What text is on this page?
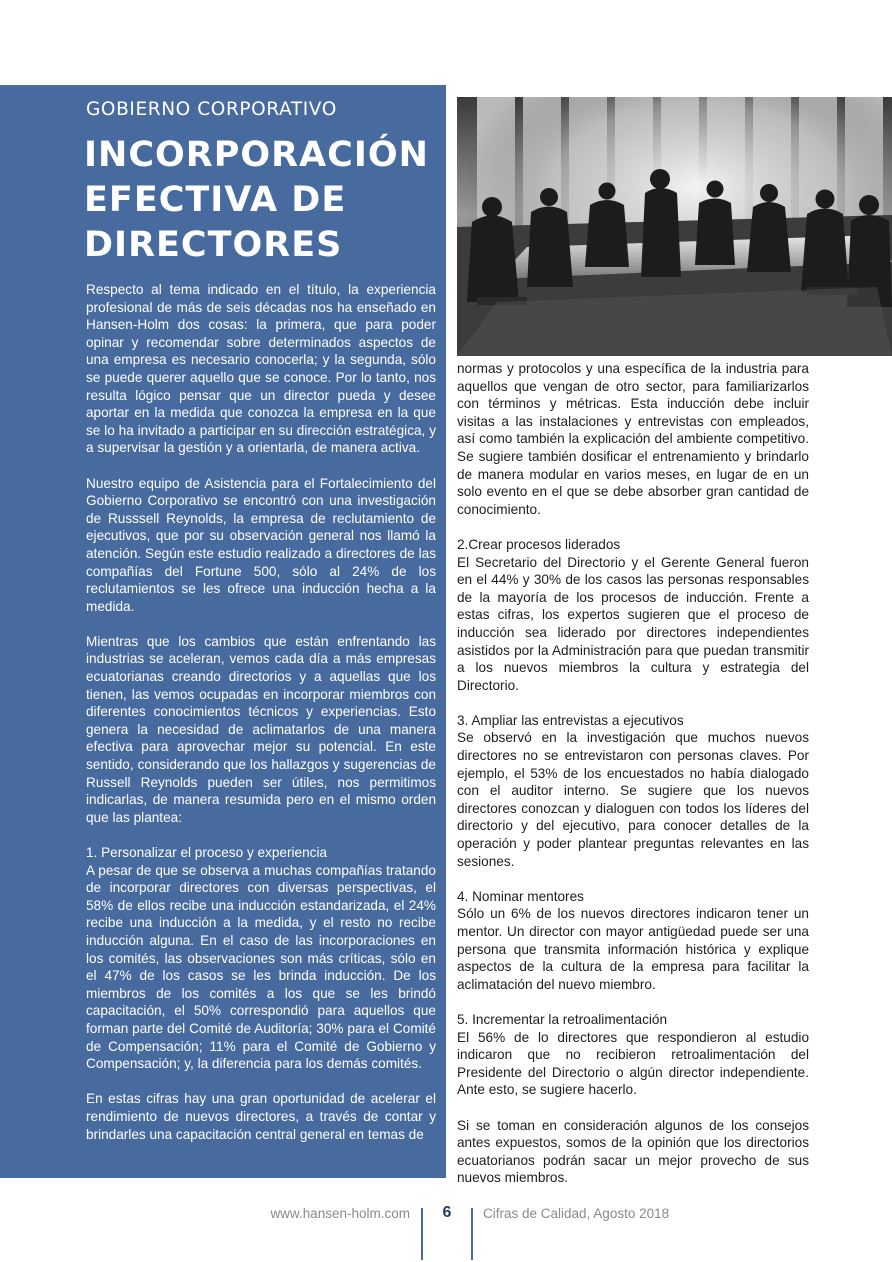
GOBIERNO CORPORATIVO
INCORPORACIÓN
EFECTIVA DE
DIRECTORES

Respecto al tema indicado en el título, la experiencia profesional de más de seis décadas nos ha enseñado en Hansen-Holm dos cosas: la primera, que para poder opinar y recomendar sobre determinados aspectos de una empresa es necesario conocerla; y la segunda, sólo se puede querer aquello que se conoce. Por lo tanto, nos resulta lógico pensar que un director pueda y desee aportar en la medida que conozca la empresa en la que se lo ha invitado a participar en su dirección estratégica, y a supervisar la gestión y a orientarla, de manera activa.

Nuestro equipo de Asistencia para el Fortalecimiento del Gobierno Corporativo se encontró con una investigación de Russsell Reynolds, la empresa de reclutamiento de ejecutivos, que por su observación general nos llamó la atención. Según este estudio realizado a directores de las compañías del Fortune 500, sólo al 24% de los reclutamientos se les ofrece una inducción hecha a la medida.

Mientras que los cambios que están enfrentando las industrias se aceleran, vemos cada día a más empresas ecuatorianas creando directorios y a aquellas que los tienen, las vemos ocupadas en incorporar miembros con diferentes conocimientos técnicos y experiencias. Esto genera la necesidad de aclimatarlos de una manera efectiva para aprovechar mejor su potencial. En este sentido, considerando que los hallazgos y sugerencias de Russell Reynolds pueden ser útiles, nos permitimos indicarlas, de manera resumida pero en el mismo orden que las plantea:

1. Personalizar el proceso y experiencia

A pesar de que se observa a muchas compañías tratando de incorporar directores con diversas perspectivas, el 58% de ellos recibe una inducción estandarizada, el 24% recibe una inducción a la medida, y el resto no recibe inducción alguna. En el caso de las incorporaciones en los comités, las observaciones son más críticas, sólo en el 47% de los casos se les brinda inducción. De los miembros de los comités a los que se les brindó capacitación, el 50% correspondió para aquellos que forman parte del Comité de Auditoría; 30% para el Comité de Compensación; 11% para el Comité de Gobierno y Compensación; y, la diferencia para los demás comités.

En estas cifras hay una gran oportunidad de acelerar el rendimiento de nuevos directores, a través de contar y brindarles una capacitación central general en temas de

normas y protocolos y una específica de la industria para aquellos que vengan de otro sector, para familiarizarlos con términos y métricas. Esta inducción debe incluir visitas a las instalaciones y entrevistas con empleados, así como también la explicación del ambiente competitivo. Se sugiere también dosificar el entrenamiento y brindarlo de manera modular en varios meses, en lugar de en un solo evento en el que se debe absorber gran cantidad de conocimiento.

2.Crear procesos liderados

El Secretario del Directorio y el Gerente General fueron en el 44% y 30% de los casos las personas responsables de la mayoría de los procesos de inducción. Frente a estas cifras, los expertos sugieren que el proceso de inducción sea liderado por directores independientes asistidos por la Administración para que puedan transmitir a los nuevos miembros la cultura y estrategia del Directorio.

3. Ampliar las entrevistas a ejecutivos

Se observó en la investigación que muchos nuevos directores no se entrevistaron con personas claves. Por ejemplo, el 53% de los encuestados no había dialogado con el auditor interno. Se sugiere que los nuevos directores conozcan y dialoguen con todos los líderes del directorio y del ejecutivo, para conocer detalles de la operación y poder plantear preguntas relevantes en las sesiones.

4. Nominar mentores

Sólo un 6% de los nuevos directores indicaron tener un mentor. Un director con mayor antigüedad puede ser una persona que transmita información histórica y explique aspectos de la cultura de la empresa para facilitar la aclimatación del nuevo miembro.

5. Incrementar la retroalimentación

El 56% de lo directores que respondieron al estudio indicaron que no recibieron retroalimentación del Presidente del Directorio o algún director independiente. Ante esto, se sugiere hacerlo.

Si se toman en consideración algunos de los consejos antes expuestos, somos de la opinión que los directorios ecuatorianos podrán sacar un mejor provecho de sus nuevos miembros.

www.hansen-holm.com	6	Cifras de Calidad, Agosto 2018
